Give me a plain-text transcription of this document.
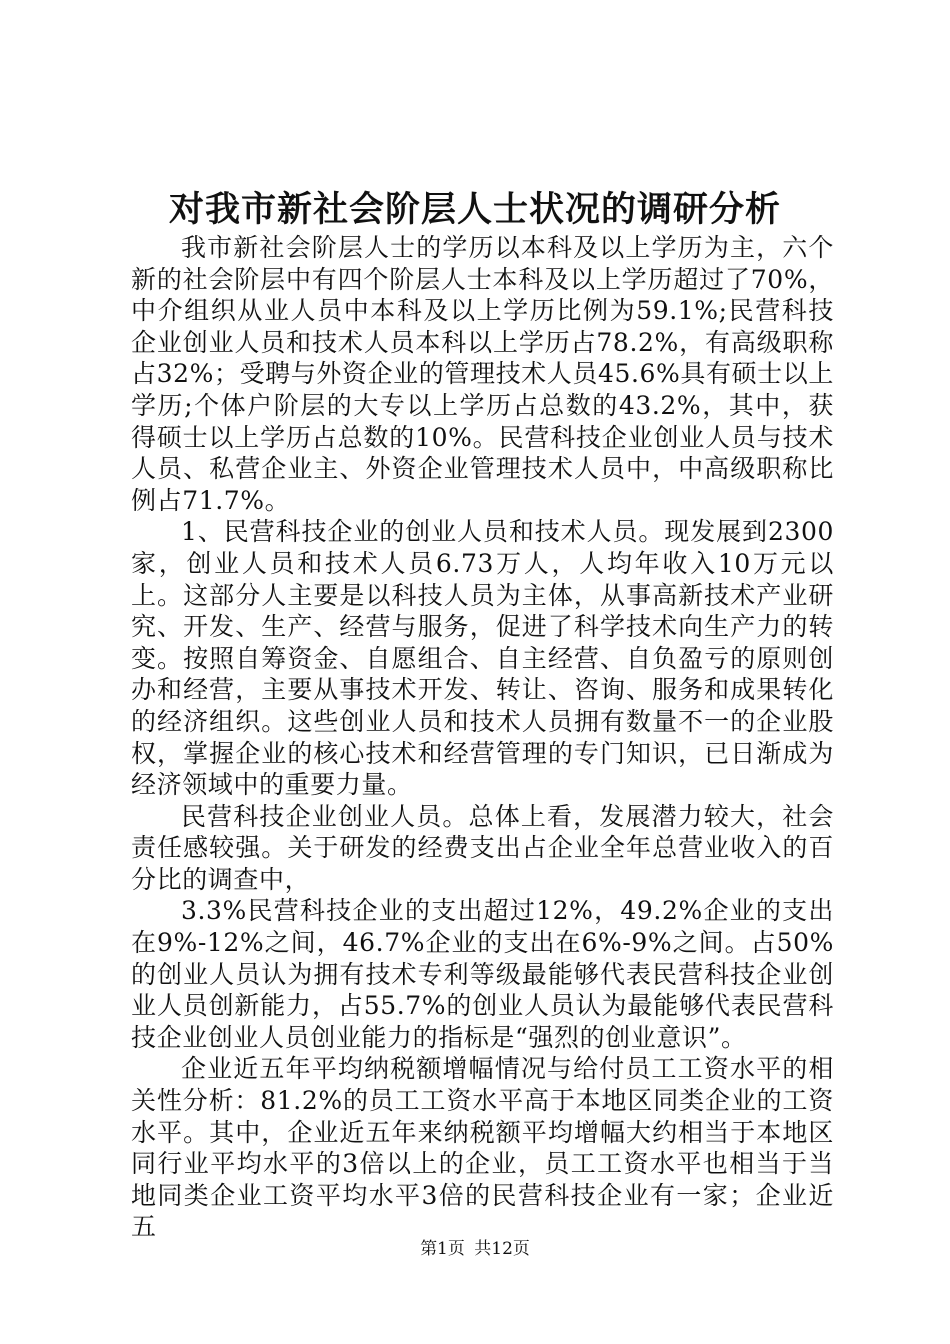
对我市新社会阶层人士状况的调研分析

我市新社会阶层人士的学历以本科及以上学历为主，六个新的社会阶层中有四个阶层人士本科及以上学历超过了70%，中介组织从业人员中本科及以上学历比例为59.1%;民营科技企业创业人员和技术人员本科以上学历占78.2%，有高级职称占32%；受聘与外资企业的管理技术人员45.6%具有硕士以上学历;个体户阶层的大专以上学历占总数的43.2%，其中，获得硕士以上学历占总数的10%。民营科技企业创业人员与技术人员、私营企业主、外资企业管理技术人员中，中高级职称比例占71.7%。

1、民营科技企业的创业人员和技术人员。现发展到2300家，创业人员和技术人员6.73万人，人均年收入10万元以上。这部分人主要是以科技人员为主体，从事高新技术产业研究、开发、生产、经营与服务，促进了科学技术向生产力的转变。按照自筹资金、自愿组合、自主经营、自负盈亏的原则创办和经营，主要从事技术开发、转让、咨询、服务和成果转化的经济组织。这些创业人员和技术人员拥有数量不一的企业股权，掌握企业的核心技术和经营管理的专门知识，已日渐成为经济领域中的重要力量。

民营科技企业创业人员。总体上看，发展潜力较大，社会责任感较强。关于研发的经费支出占企业全年总营业收入的百分比的调查中，

3.3%民营科技企业的支出超过12%，49.2%企业的支出在9%-12%之间，46.7%企业的支出在6%-9%之间。占50%的创业人员认为拥有技术专利等级最能够代表民营科技企业创业人员创新能力，占55.7%的创业人员认为最能够代表民营科技企业创业人员创业能力的指标是“强烈的创业意识”。

企业近五年平均纳税额增幅情况与给付员工工资水平的相关性分析：81.2%的员工工资水平高于本地区同类企业的工资水平。其中，企业近五年来纳税额平均增幅大约相当于本地区同行业平均水平的3倍以上的企业，员工工资水平也相当于当地同类企业工资平均水平3倍的民营科技企业有一家；企业近五

第1页 共12页
